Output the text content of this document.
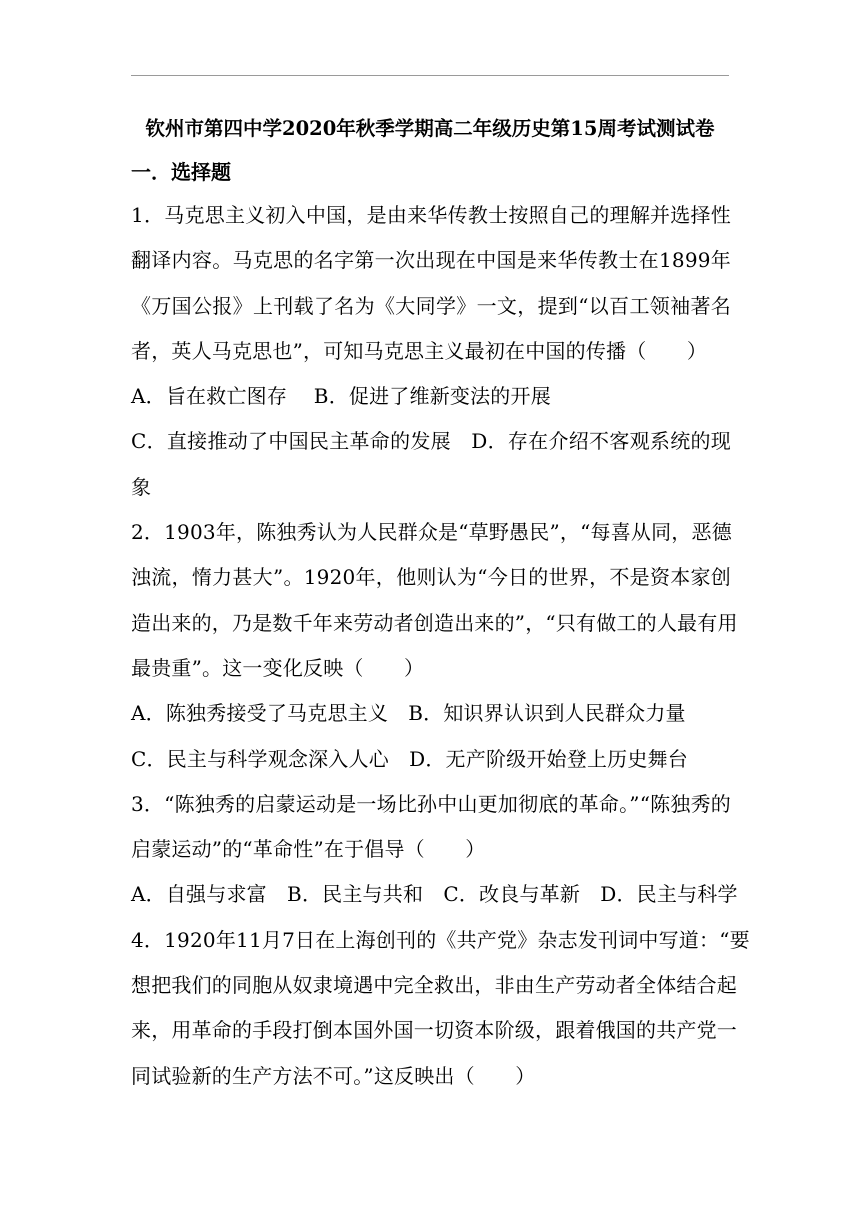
钦州市第四中学2020年秋季学期高二年级历史第15周考试测试卷
一．选择题
1．马克思主义初入中国，是由来华传教士按照自己的理解并选择性
翻译内容。马克思的名字第一次出现在中国是来华传教士在1899年
《万国公报》上刊载了名为《大同学》一文，提到“以百工领袖著名
者，英人马克思也”，可知马克思主义最初在中国的传播（　　）
A．旨在救亡图存　 B．促进了维新变法的开展
C．直接推动了中国民主革命的发展　D．存在介绍不客观系统的现
象
2．1903年，陈独秀认为人民群众是“草野愚民”，“每喜从同，恶德
浊流，惰力甚大”。1920年，他则认为“今日的世界，不是资本家创
造出来的，乃是数千年来劳动者创造出来的”，“只有做工的人最有用
最贵重”。这一变化反映（　　）
A．陈独秀接受了马克思主义　B．知识界认识到人民群众力量
C．民主与科学观念深入人心　D．无产阶级开始登上历史舞台
3．“陈独秀的启蒙运动是一场比孙中山更加彻底的革命。”“陈独秀的
启蒙运动”的“革命性”在于倡导（　　）
A．自强与求富　B．民主与共和　C．改良与革新　D．民主与科学
4．1920年11月7日在上海创刊的《共产党》杂志发刊词中写道：“要
想把我们的同胞从奴隶境遇中完全救出，非由生产劳动者全体结合起
来，用革命的手段打倒本国外国一切资本阶级，跟着俄国的共产党一
同试验新的生产方法不可。”这反映出（　　）
